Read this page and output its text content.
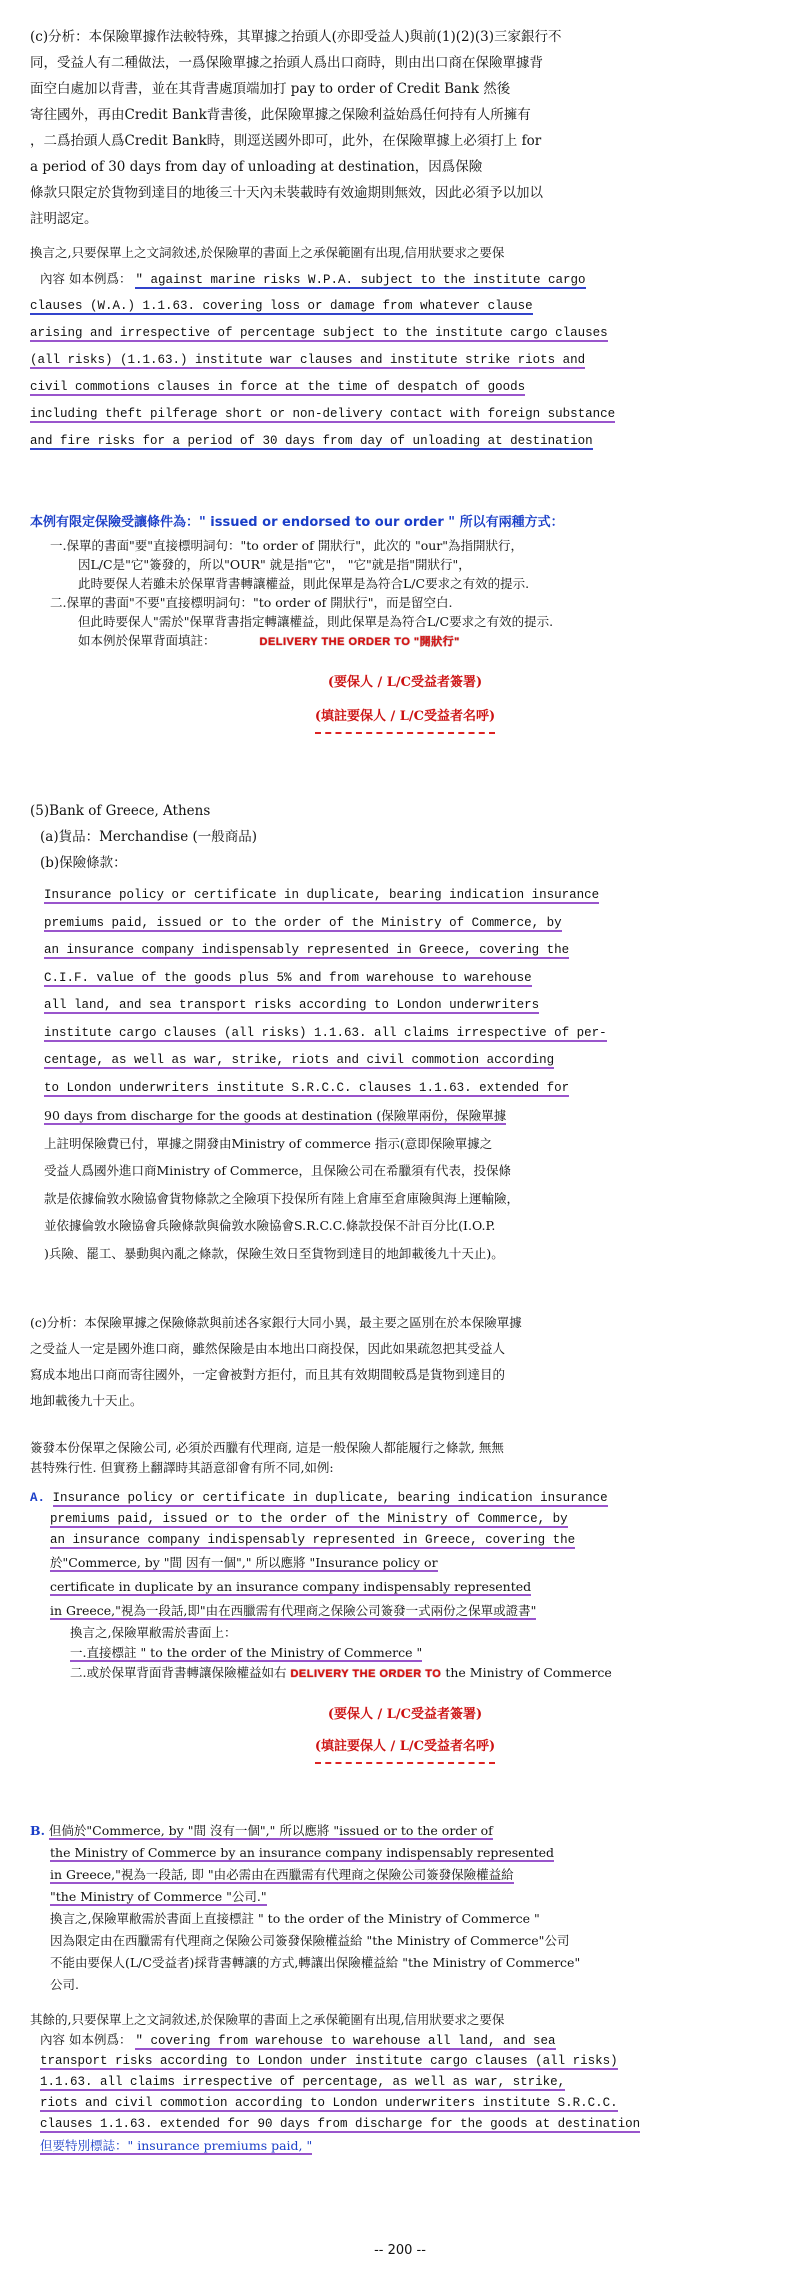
(c)分析：本保險單據作法較特殊，其單據之抬頭人(亦即受益人)與前(1)(2)(3)三家銀行不

同，受益人有二種做法，一爲保險單據之抬頭人爲出口商時，則由出口商在保險單據背

面空白處加以背書，並在其背書處頂端加打 pay to order of Credit Bank 然後

寄往國外，再由Credit Bank背書後，此保險單據之保險利益始爲任何持有人所擁有

，二爲抬頭人爲Credit Bank時，則逕送國外即可，此外，在保險單據上必須打上 for

a period of 30 days from day of unloading at destination，因爲保險

條款只限定於貨物到達目的地後三十天內未裝載時有效逾期則無效，因此必須予以加以

註明認定。

換言之,只要保單上之文詞敘述,於保險單的書面上之承保範圍有出現,信用狀要求之要保

內容 如本例爲： " against marine risks W.P.A. subject to the institute cargo

clauses (W.A.) 1.1.63. covering loss or damage from whatever clause

arising and irrespective of percentage subject to the institute cargo clauses

(all risks) (1.1.63.) institute war clauses and institute strike riots and

civil commotions clauses in force at the time of despatch of goods

including theft pilferage short or non-delivery contact with foreign substance

and fire risks for a period of 30 days from day of unloading at destination

本例有限定保險受讓條件為：" issued or endorsed to our order " 所以有兩種方式：

一.保單的書面"要"直接標明詞句："to order of 開狀行"，此次的 "our"為指開狀行，

因L/C是"它"簽發的，所以"OUR" 就是指"它"， "它"就是指"開狀行"，

此時要保人若雖未於保單背書轉讓權益，則此保單是為符合L/C要求之有效的提示.

二.保單的書面"不要"直接標明詞句："to order of 開狀行"，而是留空白.

但此時要保人"需於"保單背書指定轉讓權益，則此保單是為符合L/C要求之有效的提示.

如本例於保單背面填註：	DELIVERY THE ORDER TO "開狀行"

(要保人 / L/C受益者簽署)

(填註要保人 / L/C受益者名呼)

(5)Bank of Greece, Athens

(a)貨品：Merchandise (一般商品)

(b)保險條款：

Insurance policy or certificate in duplicate, bearing indication insurance

premiums paid, issued or to the order of the Ministry of Commerce, by

an insurance company indispensably represented in Greece, covering the

C.I.F. value of the goods plus 5% and from warehouse to warehouse

all land, and sea transport risks according to London underwriters

institute cargo clauses (all risks) 1.1.63. all claims irrespective of per-

centage, as well as war, strike, riots and civil commotion according

to London underwriters institute S.R.C.C. clauses 1.1.63. extended for

90 days from discharge for the goods at destination (保險單兩份，保險單據

上註明保險費已付，單據之開發由Ministry of commerce 指示(意即保險單據之

受益人爲國外進口商Ministry of Commerce，且保險公司在希臘須有代表，投保條

款是依據倫敦水險協會貨物條款之全險項下投保所有陸上倉庫至倉庫險與海上運輸險，

並依據倫敦水險協會兵險條款與倫敦水險協會S.R.C.C.條款投保不計百分比(I.O.P.

)兵險、罷工、暴動與內亂之條款，保險生效日至貨物到達目的地卸載後九十天止)。

(c)分析：本保險單據之保險條款與前述各家銀行大同小異，最主要之區別在於本保險單據

之受益人一定是國外進口商，雖然保險是由本地出口商投保，因此如果疏忽把其受益人

寫成本地出口商而寄往國外，一定會被對方拒付，而且其有效期間較爲是貨物到達目的

地卸載後九十天止。

簽發本份保單之保險公司, 必須於西臘有代理商, 這是一般保險人都能履行之條款, 無無

甚特殊行性. 但實務上翻譯時其語意卻會有所不同,如例:

A. Insurance policy or certificate in duplicate, bearing indication insurance

premiums paid, issued or to the order of the Ministry of Commerce, by

an insurance company indispensably represented in Greece, covering the

於"Commerce, by "間 因有一個"," 所以應將 "Insurance policy or

certificate in duplicate by an insurance company indispensably represented

in Greece,"視為一段話,即"由在西臘需有代理商之保險公司簽發一式兩份之保單或證書"

換言之,保險單敝需於書面上：

一.直接標註 " to the order of the Ministry of Commerce "

二.或於保單背面背書轉讓保險權益如右 DELIVERY THE ORDER TO the Ministry of Commerce

(要保人 / L/C受益者簽署)

(填註要保人 / L/C受益者名呼)

B. 但倘於"Commerce, by "間 沒有一個"," 所以應將 "issued or to the order of

the Ministry of Commerce by an insurance company indispensably represented

in Greece,"視為一段話, 即 "由必需由在西臘需有代理商之保險公司簽發保險權益給

"the Ministry of Commerce "公司."

換言之,保險單敝需於書面上直接標註 " to the order of the Ministry of Commerce "

因為限定由在西臘需有代理商之保險公司簽發保險權益給 "the Ministry of Commerce"公司

不能由要保人(L/C受益者)採背書轉讓的方式,轉讓出保險權益給 "the Ministry of Commerce"

公司.

其餘的,只要保單上之文詞敘述,於保險單的書面上之承保範圍有出現,信用狀要求之要保

內容 如本例爲： " covering from warehouse to warehouse all land, and sea

transport risks according to London under institute cargo clauses (all risks)

1.1.63. all claims irrespective of percentage, as well as war, strike,

riots and civil commotion according to London underwriters institute S.R.C.C.

clauses 1.1.63. extended for 90 days from discharge for the goods at destination

但要特別標誌：" insurance premiums paid, "

-- 200 --
